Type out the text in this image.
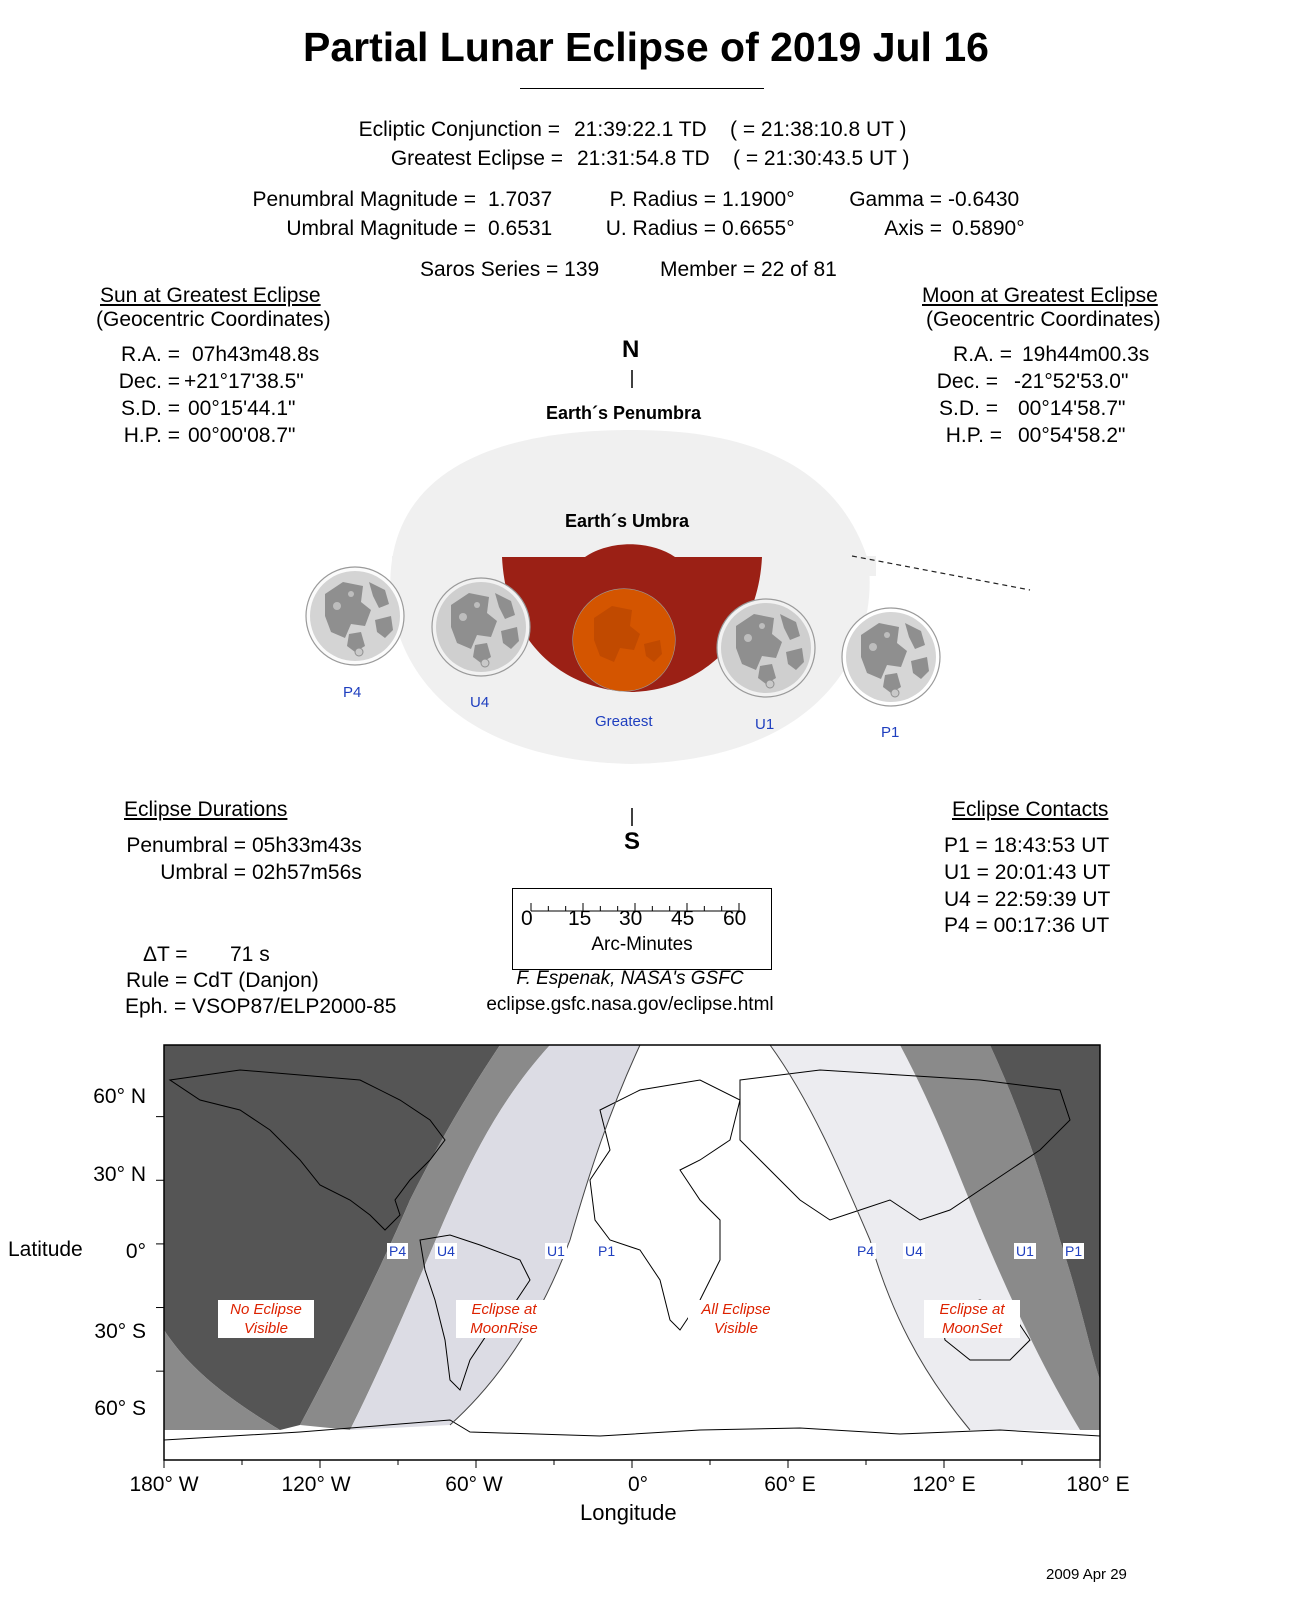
Partial Lunar Eclipse of 2019 Jul 16
Ecliptic Conjunction = 21:39:22.1 TD ( = 21:38:10.8 UT )
Greatest Eclipse = 21:31:54.8 TD ( = 21:30:43.5 UT )
Penumbral Magnitude = 1.7037
Umbral Magnitude = 0.6531
P. Radius = 1.1900°
U. Radius = 0.6655°
Gamma = -0.6430
Axis = 0.5890°
Saros Series = 139	Member = 22 of 81
Sun at Greatest Eclipse
(Geocentric Coordinates)
R.A. = 07h43m48.8s
Dec. = +21°17'38.5"
S.D. = 00°15'44.1"
H.P. = 00°00'08.7"
Moon at Greatest Eclipse
(Geocentric Coordinates)
R.A. = 19h44m00.3s
Dec. = -21°52'53.0"
S.D. = 00°14'58.7"
H.P. = 00°54'58.2"
N
S
Earth´s Penumbra
Earth´s Umbra
P4
U4
Greatest	U1	P1
Eclipse Durations
Penumbral = 05h33m43s
Umbral = 02h57m56s
Eclipse Contacts
P1 = 18:43:53 UT
U1 = 20:01:43 UT
U4 = 22:59:39 UT
P4 = 00:17:36 UT
0 15 30 45 60
Arc-Minutes
ΔT = 71 s
Rule = CdT (Danjon)
Eph. = VSOP87/ELP2000-85
F. Espenak, NASA's GSFC
eclipse.gsfc.nasa.gov/eclipse.html
Latitude
Longitude
60° N
30° N
0°
30° S
60° S
180° W	120° W	60° W	0°	60° E	120° E	180° E
P4 U4	U1 P1	P4 U4	U1 P1
No Eclipse
Visible
Eclipse at
MoonRise
All Eclipse
Visible
Eclipse at
MoonSet
2009 Apr 29
